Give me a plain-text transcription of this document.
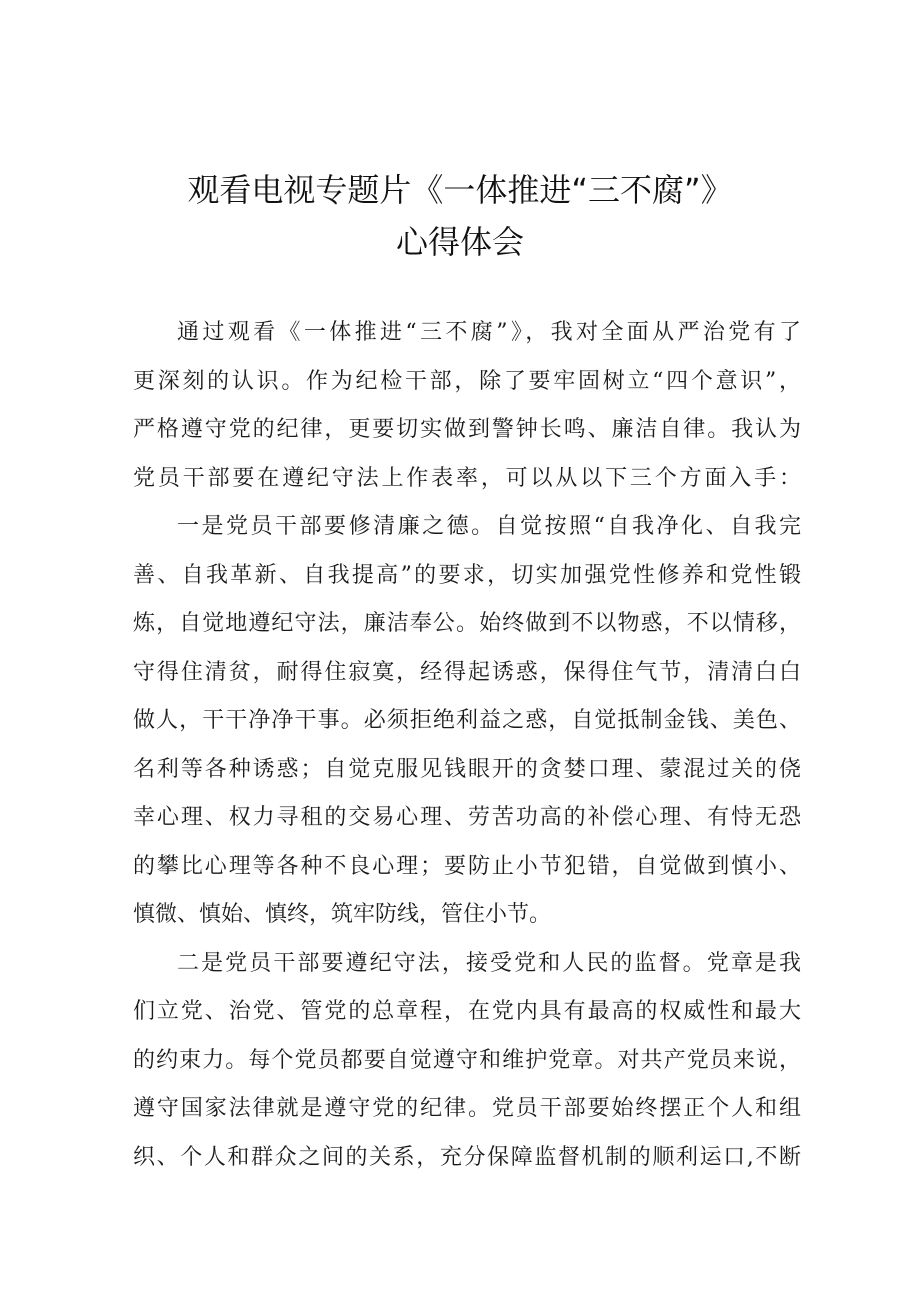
观看电视专题片《一体推进“三不腐”》
心得体会
通过观看《一体推进“三不腐”》，我对全面从严治党有了
更深刻的认识。作为纪检干部，除了要牢固树立“四个意识”，
严格遵守党的纪律，更要切实做到警钟长鸣、廉洁自律。我认为
党员干部要在遵纪守法上作表率，可以从以下三个方面入手：
一是党员干部要修清廉之德。自觉按照“自我净化、自我完
善、自我革新、自我提高”的要求，切实加强党性修养和党性锻
炼，自觉地遵纪守法，廉洁奉公。始终做到不以物惑，不以情移，
守得住清贫，耐得住寂寞，经得起诱惑，保得住气节，清清白白
做人，干干净净干事。必须拒绝利益之惑，自觉抵制金钱、美色、
名利等各种诱惑；自觉克服见钱眼开的贪婪口理、蒙混过关的侥
幸心理、权力寻租的交易心理、劳苦功高的补偿心理、有恃无恐
的攀比心理等各种不良心理；要防止小节犯错，自觉做到慎小、
慎微、慎始、慎终，筑牢防线，管住小节。
二是党员干部要遵纪守法，接受党和人民的监督。党章是我
们立党、治党、管党的总章程，在党内具有最高的权威性和最大
的约束力。每个党员都要自觉遵守和维护党章。对共产党员来说，
遵守国家法律就是遵守党的纪律。党员干部要始终摆正个人和组
织、个人和群众之间的关系，充分保障监督机制的顺利运口,不断
